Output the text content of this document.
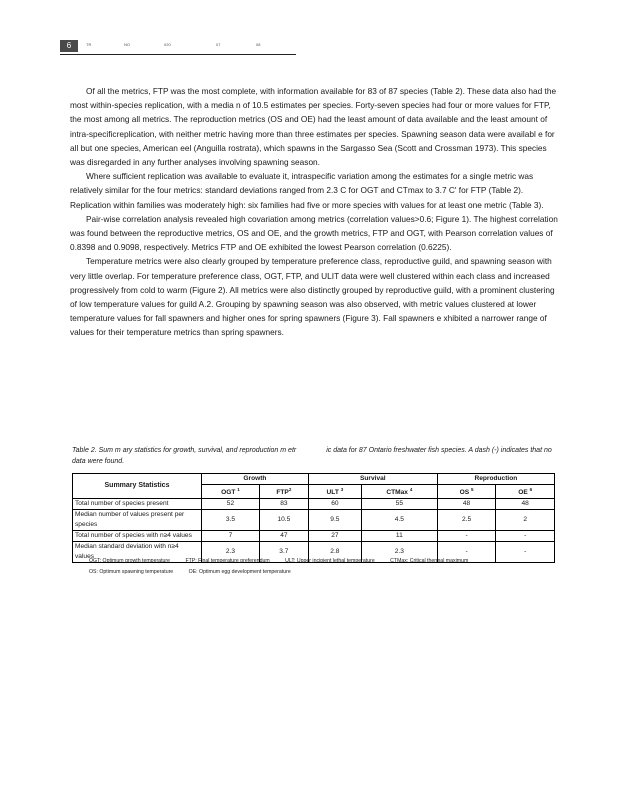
6	TR	NO	020	07	08

Of all the metrics, FTP was the most complete, with information available for 83 of 87 species (Table 2). These data also had the most within-species replication, with a media n of 10.5 estimates per species. Forty-seven species had four or more values for FTP, the most among all metrics. The reproduction metrics (OS and OE) had the least amount of data available and the least amount of intra-specificreplication, with neither metric having more than three estimates per species. Spawning season data were availabl e for all but one species, American eel (Anguilla rostrata), which spawns in the Sargasso Sea (Scott and Crossman 1973). This species was disregarded in any further analyses involving spawning season.

Where sufficient replication was available to evaluate it, intraspecific variation among the estimates for a single metric was relatively similar for the four metrics: standard deviations ranged from 2.3 C for OGT and CTmax to 3.7 C' for FTP (Table 2). Replication within families was moderately high: six families had five or more species with values for at least one metric (Table 3).

Pair-wise correlation analysis revealed high covariation among metrics (correlation values>0.6; Figure 1). The highest correlation was found between the reproductive metrics, OS and OE, and the growth metrics, FTP and OGT, with Pearson correlation values of 0.8398 and 0.9098, respectively. Metrics FTP and OE exhibited the lowest Pearson correlation (0.6225).

Temperature metrics were also clearly grouped by temperature preference class, reproductive guild, and spawning season with very little overlap. For temperature preference class, OGT, FTP, and ULIT data were well clustered within each class and increased progressively from cold to warm (Figure 2). All metrics were also distinctly grouped by reproductive guild, with a prominent clustering of low temperature values for guild A.2. Grouping by spawning season was also observed, with metric values clustered at lower temperature values for fall spawners and higher ones for spring spawners (Figure 3). Fall spawners e xhibited a narrower range of values for their temperature metrics than spring spawners.

Table 2. Sum m ary statistics for growth, survival, and reproduction m etr	ic data for 87 Ontario freshwater fish species. A dash (-) indicates that no data were found.
Summary Statistics	Growth		Survival		Reproduction	
	OGT $^1$	FTP$^2$	ULT $^3$	CTMax $^4$	OS $^5$	OE $^6$
Total number of species present	52	83	60	55	48	48
Median number of values present per species	3.5	10.5	9.5	4.5	2.5	2
Total number of species with n≥4 values	7	47	27	11	-	-
Median standard deviation with n≥4 values	2.3	3.7	2.8	2.3	-	-
OGT: Optimum growth temperature	FTP: Final temperature preferendum	ULT: Upper incipient lethal temperature	CTMax: Critical thermal maximum
OS: Optimum spawning temperature	OE: Optimum egg development temperature
